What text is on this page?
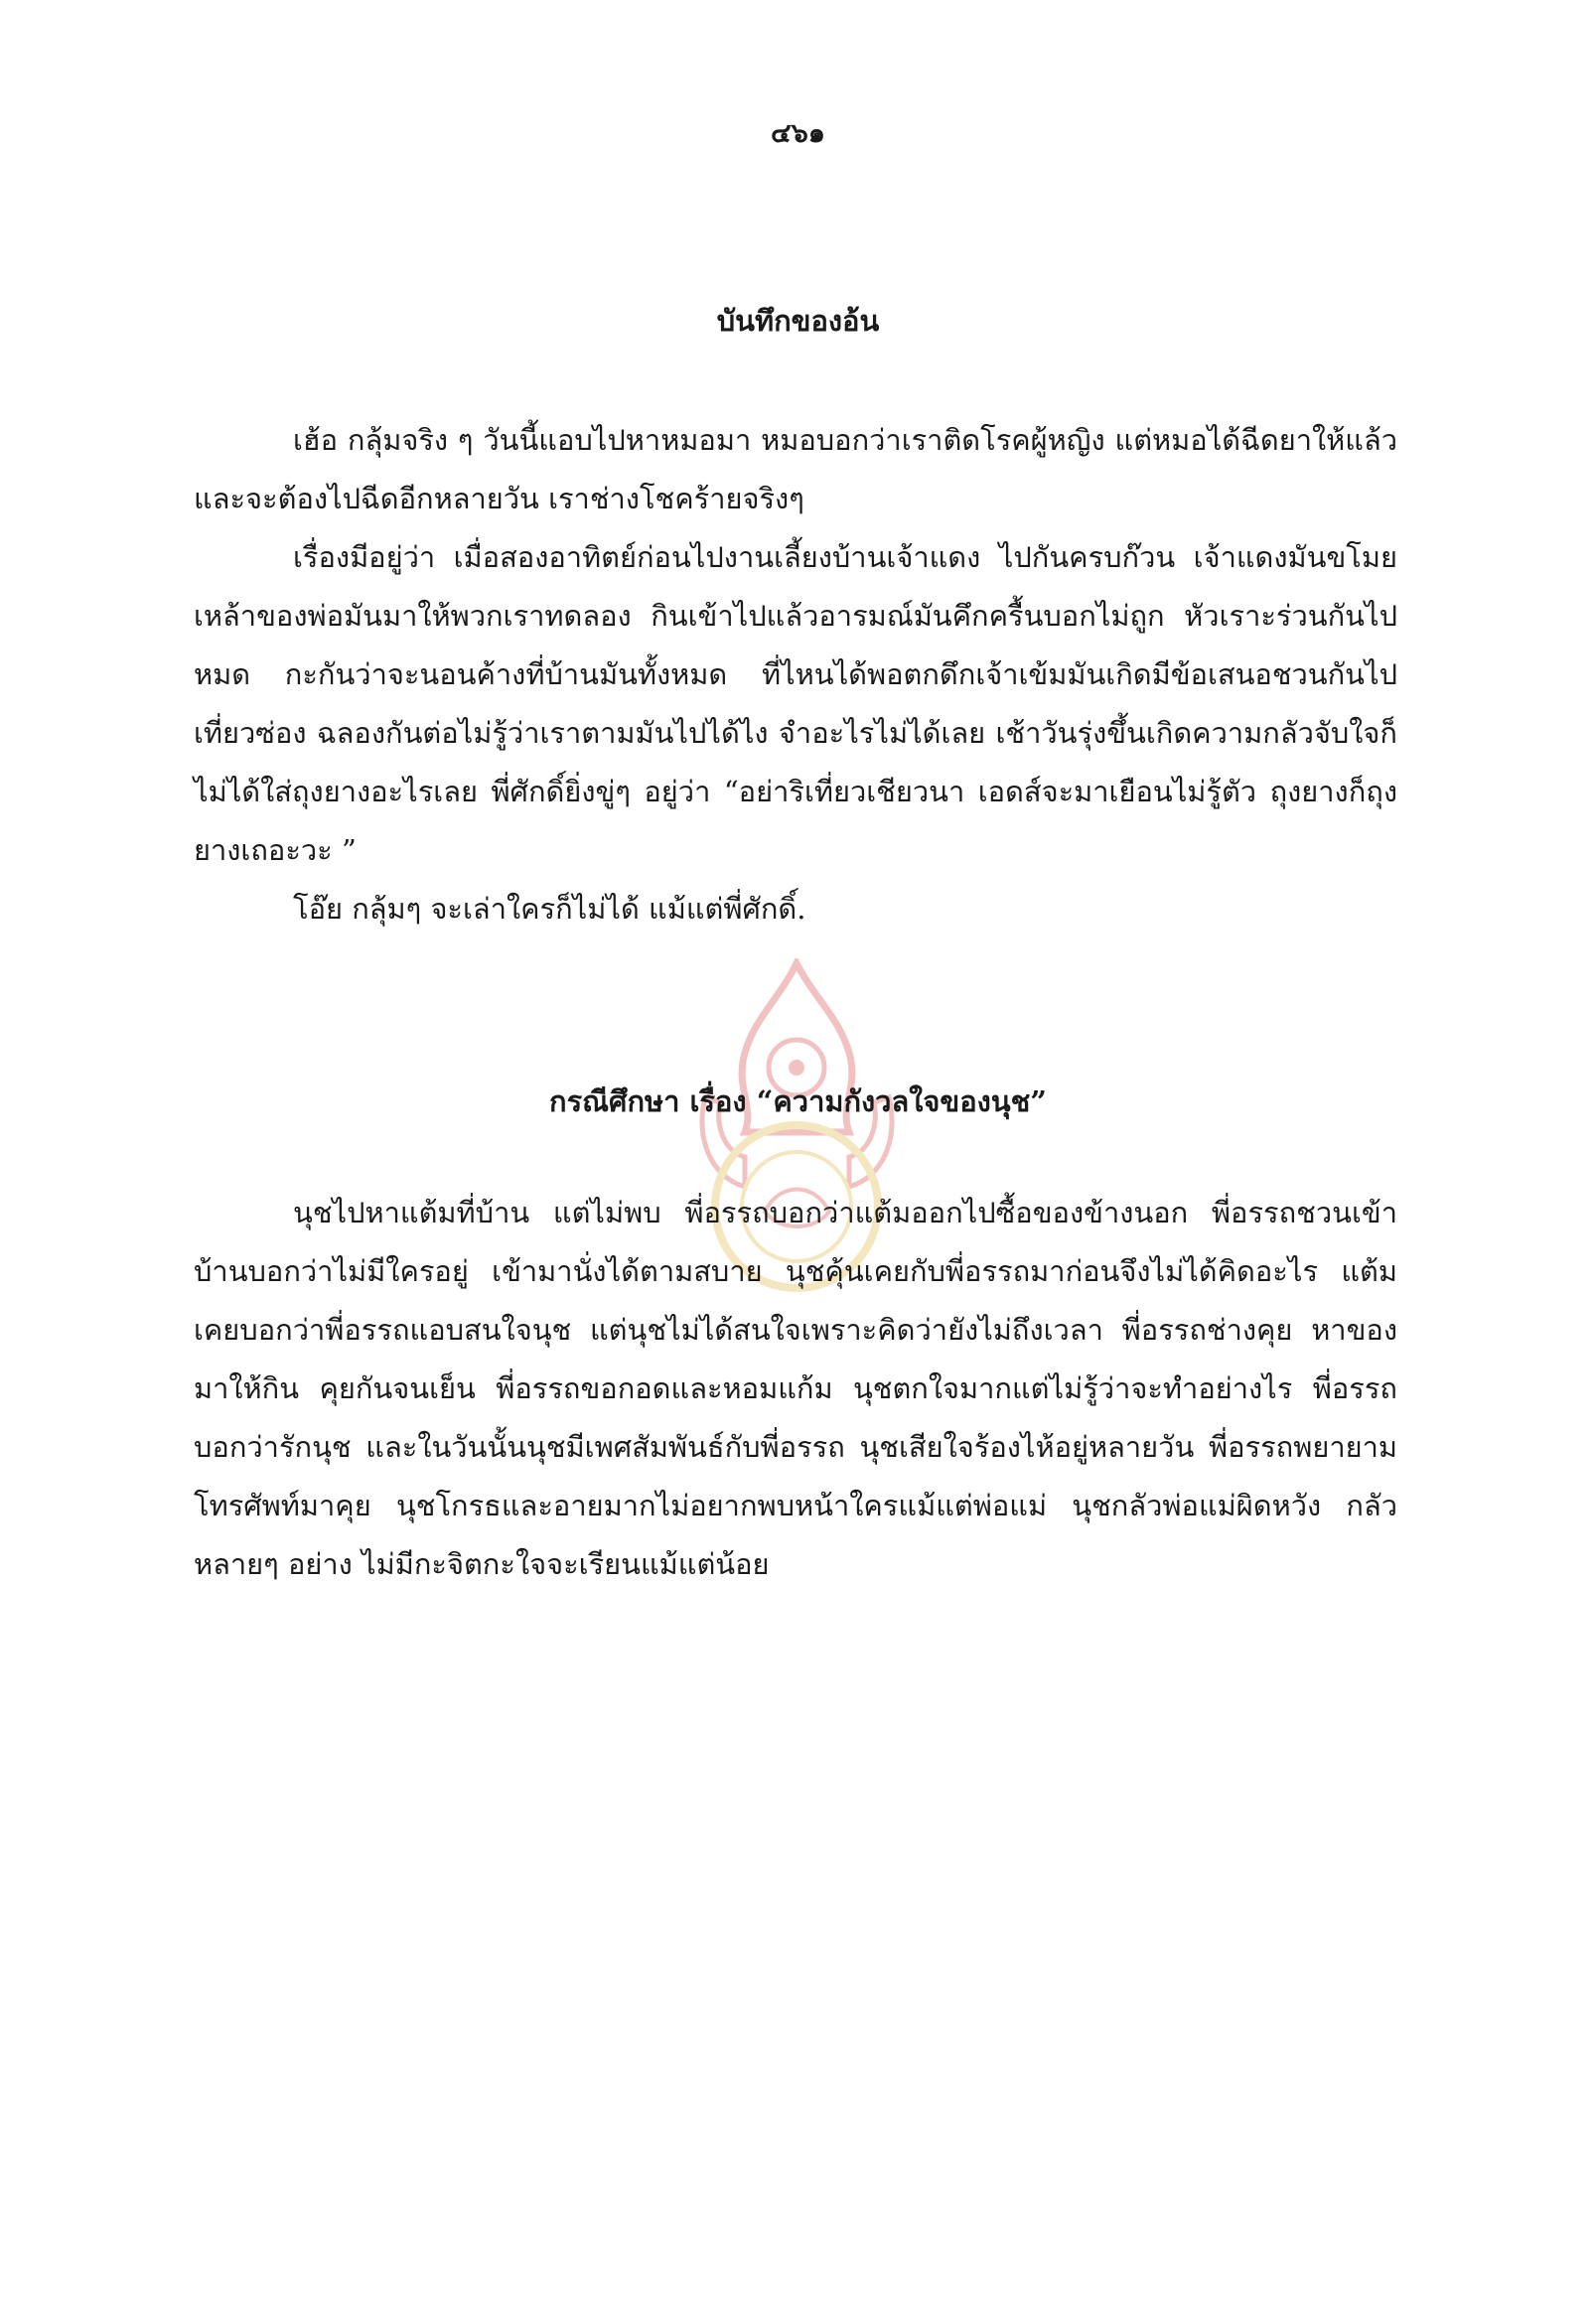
๔๖๑
บันทึกของอ้น

เฮ้อ กลุ้มจริง ๆ วันนี้แอบไปหาหมอมา หมอบอกว่าเราติดโรคผู้หญิง แต่หมอได้ฉีดยาให้แล้ว และจะต้องไปฉีดอีกหลายวัน เราช่างโชคร้ายจริงๆ

เรื่องมีอยู่ว่า เมื่อสองอาทิตย์ก่อนไปงานเลี้ยงบ้านเจ้าแดง ไปกันครบก๊วน เจ้าแดงมันขโมยเหล้าของพ่อมันมาให้พวกเราทดลอง กินเข้าไปแล้วอารมณ์มันคึกครื้นบอกไม่ถูก หัวเราะร่วนกันไปหมด กะกันว่าจะนอนค้างที่บ้านมันทั้งหมด ที่ไหนได้พอตกดึกเจ้าเข้มมันเกิดมีข้อเสนอชวนกันไปเที่ยวซ่อง ฉลองกันต่อไม่รู้ว่าเราตามมันไปได้ไง จำอะไรไม่ได้เลย เช้าวันรุ่งขึ้นเกิดความกลัวจับใจก็ไม่ได้ใส่ถุงยางอะไรเลย พี่ศักดิ์ยิ่งขู่ๆ อยู่ว่า “อย่าริเที่ยวเชียวนา เอดส์จะมาเยือนไม่รู้ตัว ถุงยางก็ถุงยางเถอะวะ ”

โอ๊ย กลุ้มๆ จะเล่าใครก็ไม่ได้ แม้แต่พี่ศักดิ์.

กรณีศึกษา เรื่อง “ความกังวลใจของนุช”

นุชไปหาแต้มที่บ้าน แต่ไม่พบ พี่อรรถบอกว่าแต้มออกไปซื้อของข้างนอก พี่อรรถชวนเข้าบ้านบอกว่าไม่มีใครอยู่ เข้ามานั่งได้ตามสบาย นุชคุ้นเคยกับพี่อรรถมาก่อนจึงไม่ได้คิดอะไร แต้มเคยบอกว่าพี่อรรถแอบสนใจนุช แต่นุชไม่ได้สนใจเพราะคิดว่ายังไม่ถึงเวลา พี่อรรถช่างคุย หาของมาให้กิน คุยกันจนเย็น พี่อรรถขอกอดและหอมแก้ม นุชตกใจมากแต่ไม่รู้ว่าจะทำอย่างไร พี่อรรถบอกว่ารักนุช และในวันนั้นนุชมีเพศสัมพันธ์กับพี่อรรถ นุชเสียใจร้องไห้อยู่หลายวัน พี่อรรถพยายามโทรศัพท์มาคุย นุชโกรธและอายมากไม่อยากพบหน้าใครแม้แต่พ่อแม่ นุชกลัวพ่อแม่ผิดหวัง กลัวหลายๆ อย่าง ไม่มีกะจิตกะใจจะเรียนแม้แต่น้อย
